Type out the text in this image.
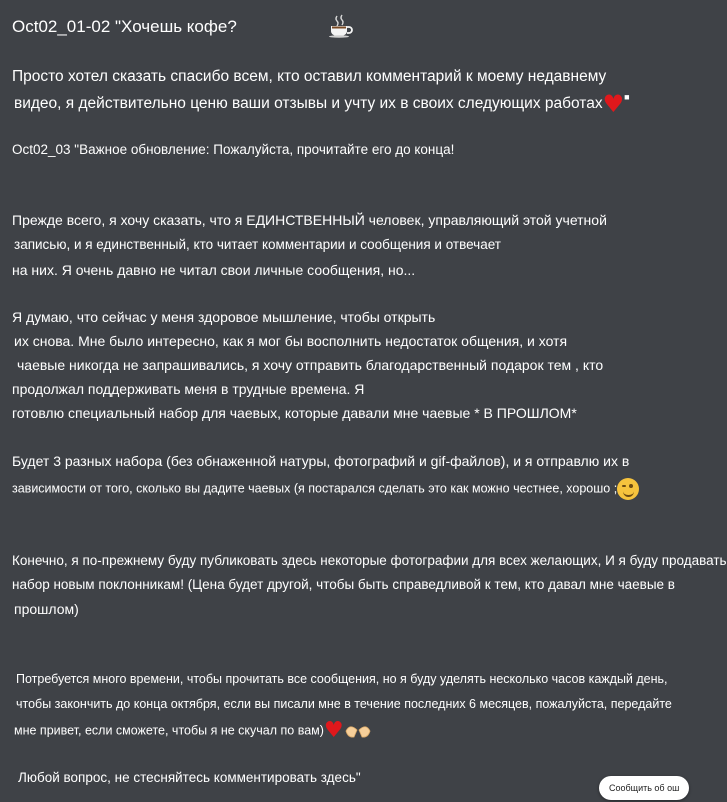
Oct02_01-02 "Хочешь кофе?
Просто хотел сказать спасибо всем, кто оставил комментарий к моему недавнему
видео, я действительно ценю ваши отзывы и учту их в своих следующих работах♥■
Oct02_03 "Важное обновление: Пожалуйста, прочитайте его до конца!
Прежде всего, я хочу сказать, что я ЕДИНСТВЕННЫЙ человек, управляющий этой учетной
записью, и я единственный, кто читает комментарии и сообщения и отвечает
на них. Я очень давно не читал свои личные сообщения, но...
Я думаю, что сейчас у меня здоровое мышление, чтобы открыть
их снова. Мне было интересно, как я мог бы восполнить недостаток общения, и хотя
чаевые никогда не запрашивались, я хочу отправить благодарственный подарок тем , кто
продолжал поддерживать меня в трудные времена. Я
готовлю специальный набор для чаевых, которые давали мне чаевые * В ПРОШЛОМ*
Будет 3 разных набора (без обнаженной натуры, фотографий и gif-файлов), и я отправлю их в
зависимости от того, сколько вы дадите чаевых (я постарался сделать это как можно честнее, хорошо ;
Конечно, я по-прежнему буду публиковать здесь некоторые фотографии для всех желающих, И я буду продавать
набор новым поклонникам! (Цена будет другой, чтобы быть справедливой к тем, кто давал мне чаевые в
прошлом)
Потребуется много времени, чтобы прочитать все сообщения, но я буду уделять несколько часов каждый день,
чтобы закончить до конца октября, если вы писали мне в течение последних 6 месяцев, пожалуйста, передайте
мне привет, если сможете, чтобы я не скучал по вам)♥
Любой вопрос, не стесняйтесь комментировать здесь"
Сообщить об ош
